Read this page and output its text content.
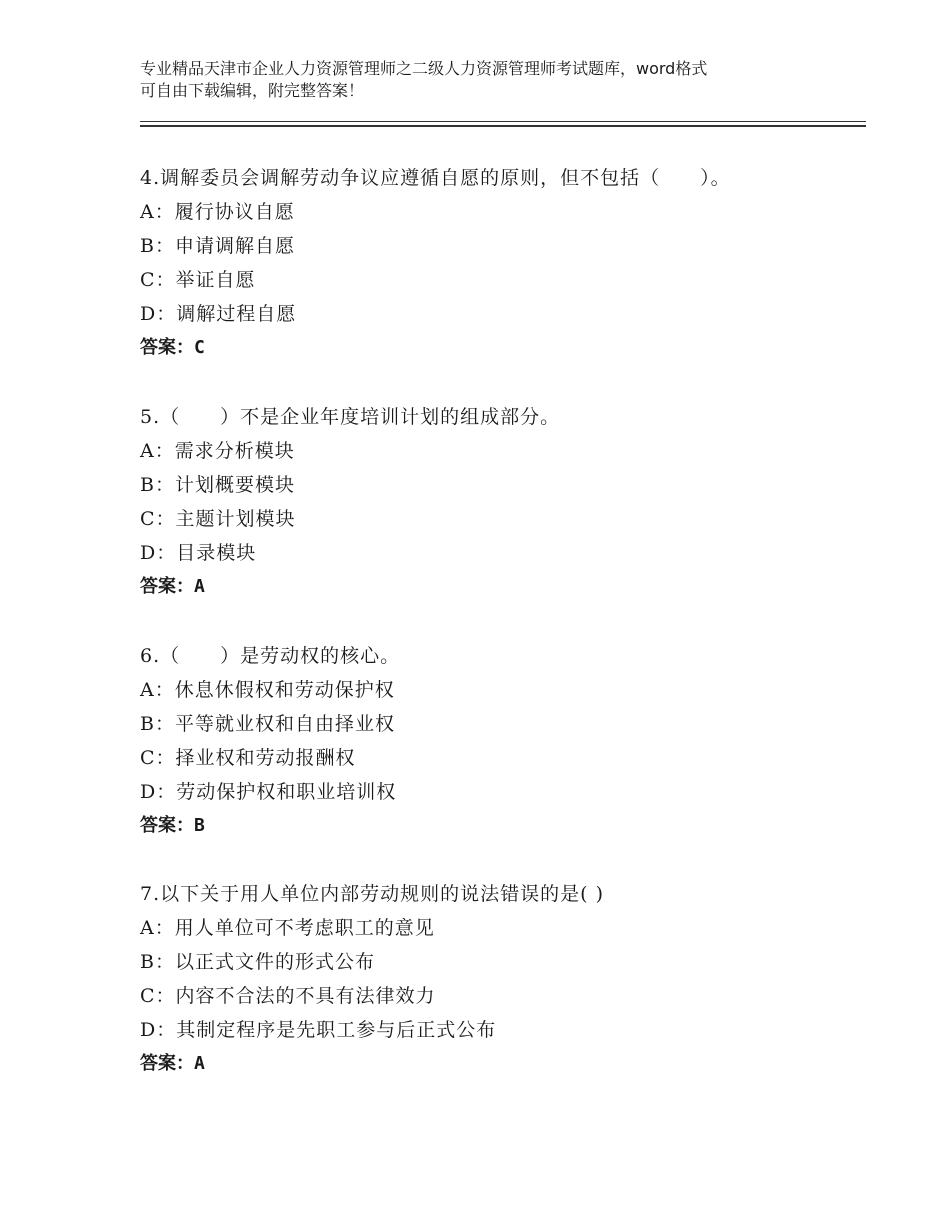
专业精品天津市企业人力资源管理师之二级人力资源管理师考试题库，word格式
可自由下载编辑，附完整答案！
4.调解委员会调解劳动争议应遵循自愿的原则，但不包括（　　）。
A：履行协议自愿
B：申请调解自愿
C：举证自愿
D：调解过程自愿
答案：C
5.（　　）不是企业年度培训计划的组成部分。
A：需求分析模块
B：计划概要模块
C：主题计划模块
D：目录模块
答案：A
6.（　　）是劳动权的核心。
A：休息休假权和劳动保护权
B：平等就业权和自由择业权
C：择业权和劳动报酬权
D：劳动保护权和职业培训权
答案：B
7.以下关于用人单位内部劳动规则的说法错误的是( )
A：用人单位可不考虑职工的意见
B：以正式文件的形式公布
C：内容不合法的不具有法律效力
D：其制定程序是先职工参与后正式公布
答案：A
